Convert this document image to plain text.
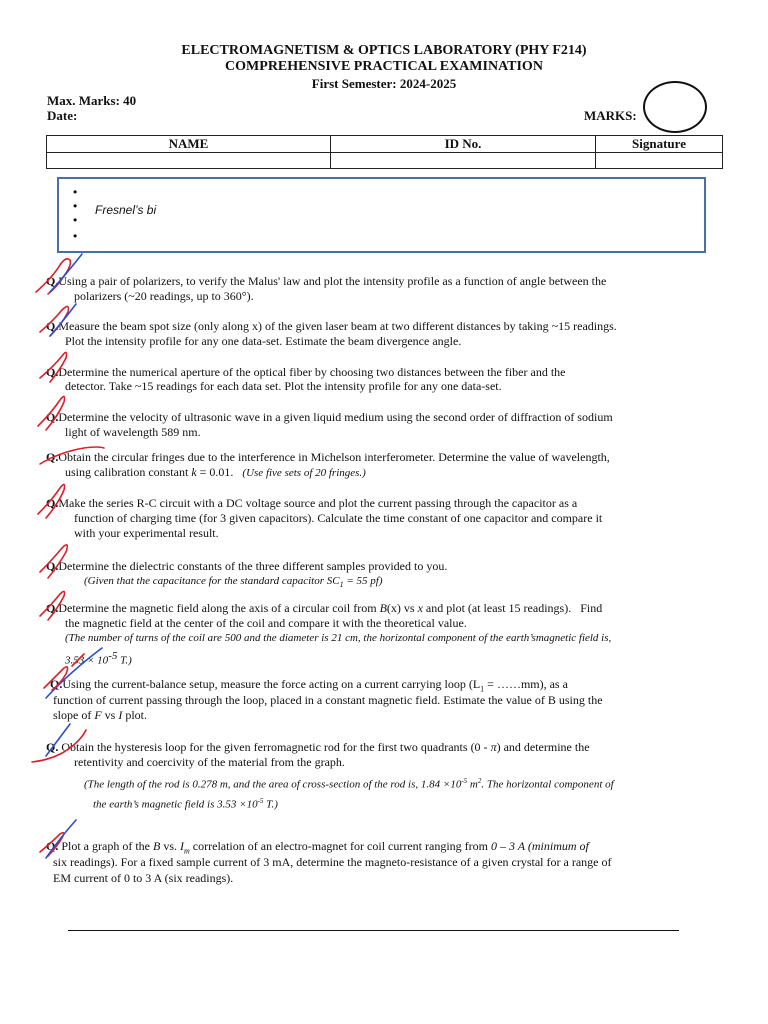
ELECTROMAGNETISM & OPTICS LABORATORY (PHY F214)
COMPREHENSIVE PRACTICAL EXAMINATION
First Semester: 2024-2025
Max. Marks: 40
Date:	MARKS:
NAME	ID No.	Signature

Fresnel’s bi
Q.Using a pair of polarizers, to verify the Malus' law and plot the intensity profile as a function of angle between the
polarizers (~20 readings, up to 360°).
Q.Measure the beam spot size (only along x) of the given laser beam at two different distances by taking ~15 readings.
Plot the intensity profile for any one data-set. Estimate the beam divergence angle.
Q.Determine the numerical aperture of the optical fiber by choosing two distances between the fiber and the
detector. Take ~15 readings for each data set. Plot the intensity profile for any one data-set.
Q.Determine the velocity of ultrasonic wave in a given liquid medium using the second order of diffraction of sodium
light of wavelength 589 nm.
Q.Obtain the circular fringes due to the interference in Michelson interferometer. Determine the value of wavelength,
using calibration constant k = 0.01.   (Use five sets of 20 fringes.)
Q.Make the series R-C circuit with a DC voltage source and plot the current passing through the capacitor as a
function of charging time (for 3 given capacitors). Calculate the time constant of one capacitor and compare it
with your experimental result.
Q.Determine the dielectric constants of the three different samples provided to you.
(Given that the capacitance for the standard capacitor $SC_1 = 55$ pf)
Q.Determine the magnetic field along the axis of a circular coil from B(x) vs x and plot (at least 15 readings).   Find
the magnetic field at the center of the coil and compare it with the theoretical value.
(The number of turns of the coil are 500 and the diameter is 21 cm, the horizontal component of the earth’smagnetic field is,
$3.53 \times 10^{-5}$ T.)
Q.Using the current-balance setup, measure the force acting on a current carrying loop ($L_1$ = ……mm), as a
function of current passing through the loop, placed in a constant magnetic field. Estimate the value of B using the
slope of F vs I plot.
Q. Obtain the hysteresis loop for the given ferromagnetic rod for the first two quadrants (0 - π) and determine the
retentivity and coercivity of the material from the graph.
(The length of the rod is 0.278 m, and the area of cross-section of the rod is, $1.84 \times 10^{-5}$ $m^2$. The horizontal component of
the earth’s magnetic field is $3.53 \times 10^{-5}$ T.)
Q. Plot a graph of the B vs. $I_m$ correlation of an electro-magnet for coil current ranging from 0 – 3 A (minimum of
six readings). For a fixed sample current of 3 mA, determine the magneto-resistance of a given crystal for a range of
EM current of 0 to 3 A (six readings).
